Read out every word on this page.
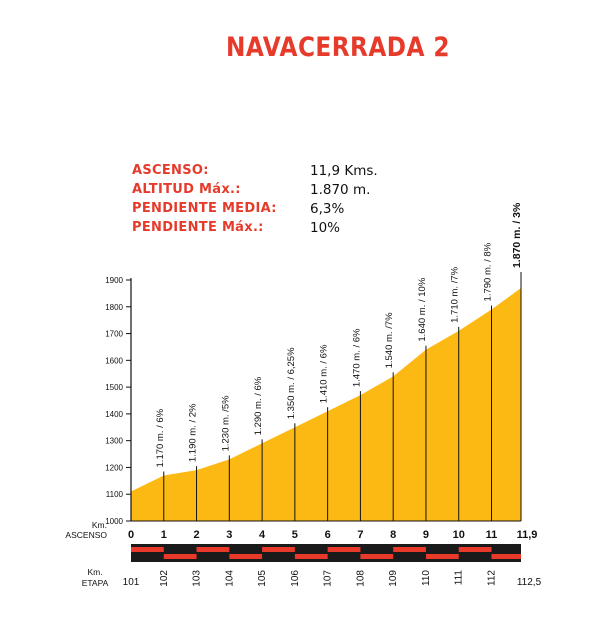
NAVACERRADA 2
ASCENSO:	11,9 Kms.
ALTITUD Máx.:	1.870 m.
PENDIENTE MEDIA: 6,3%
PENDIENTE Máx.:	10%
1000
1100
1200
1300
1400
1500
1600
1700
1800
1900
1.170 m. / 6% 1.190 m. / 2% 1.230 m. /5% 1.290 m. / 6% 1.350 m. / 6,25% 1.410 m. / 6% 1.470 m. / 6% 1.540 m. /7% 1.640 m. / 10% 1.710 m. /7% 1.790 m. / 8%
1.870 m. / 3%
Km.
ASCENSO 0 1 2 3 4 5 6 7 8 9 10 11 11,9
Km.
ETAPA 101 102 103 104 105 106 107 108 109 110 111 112 112,5
